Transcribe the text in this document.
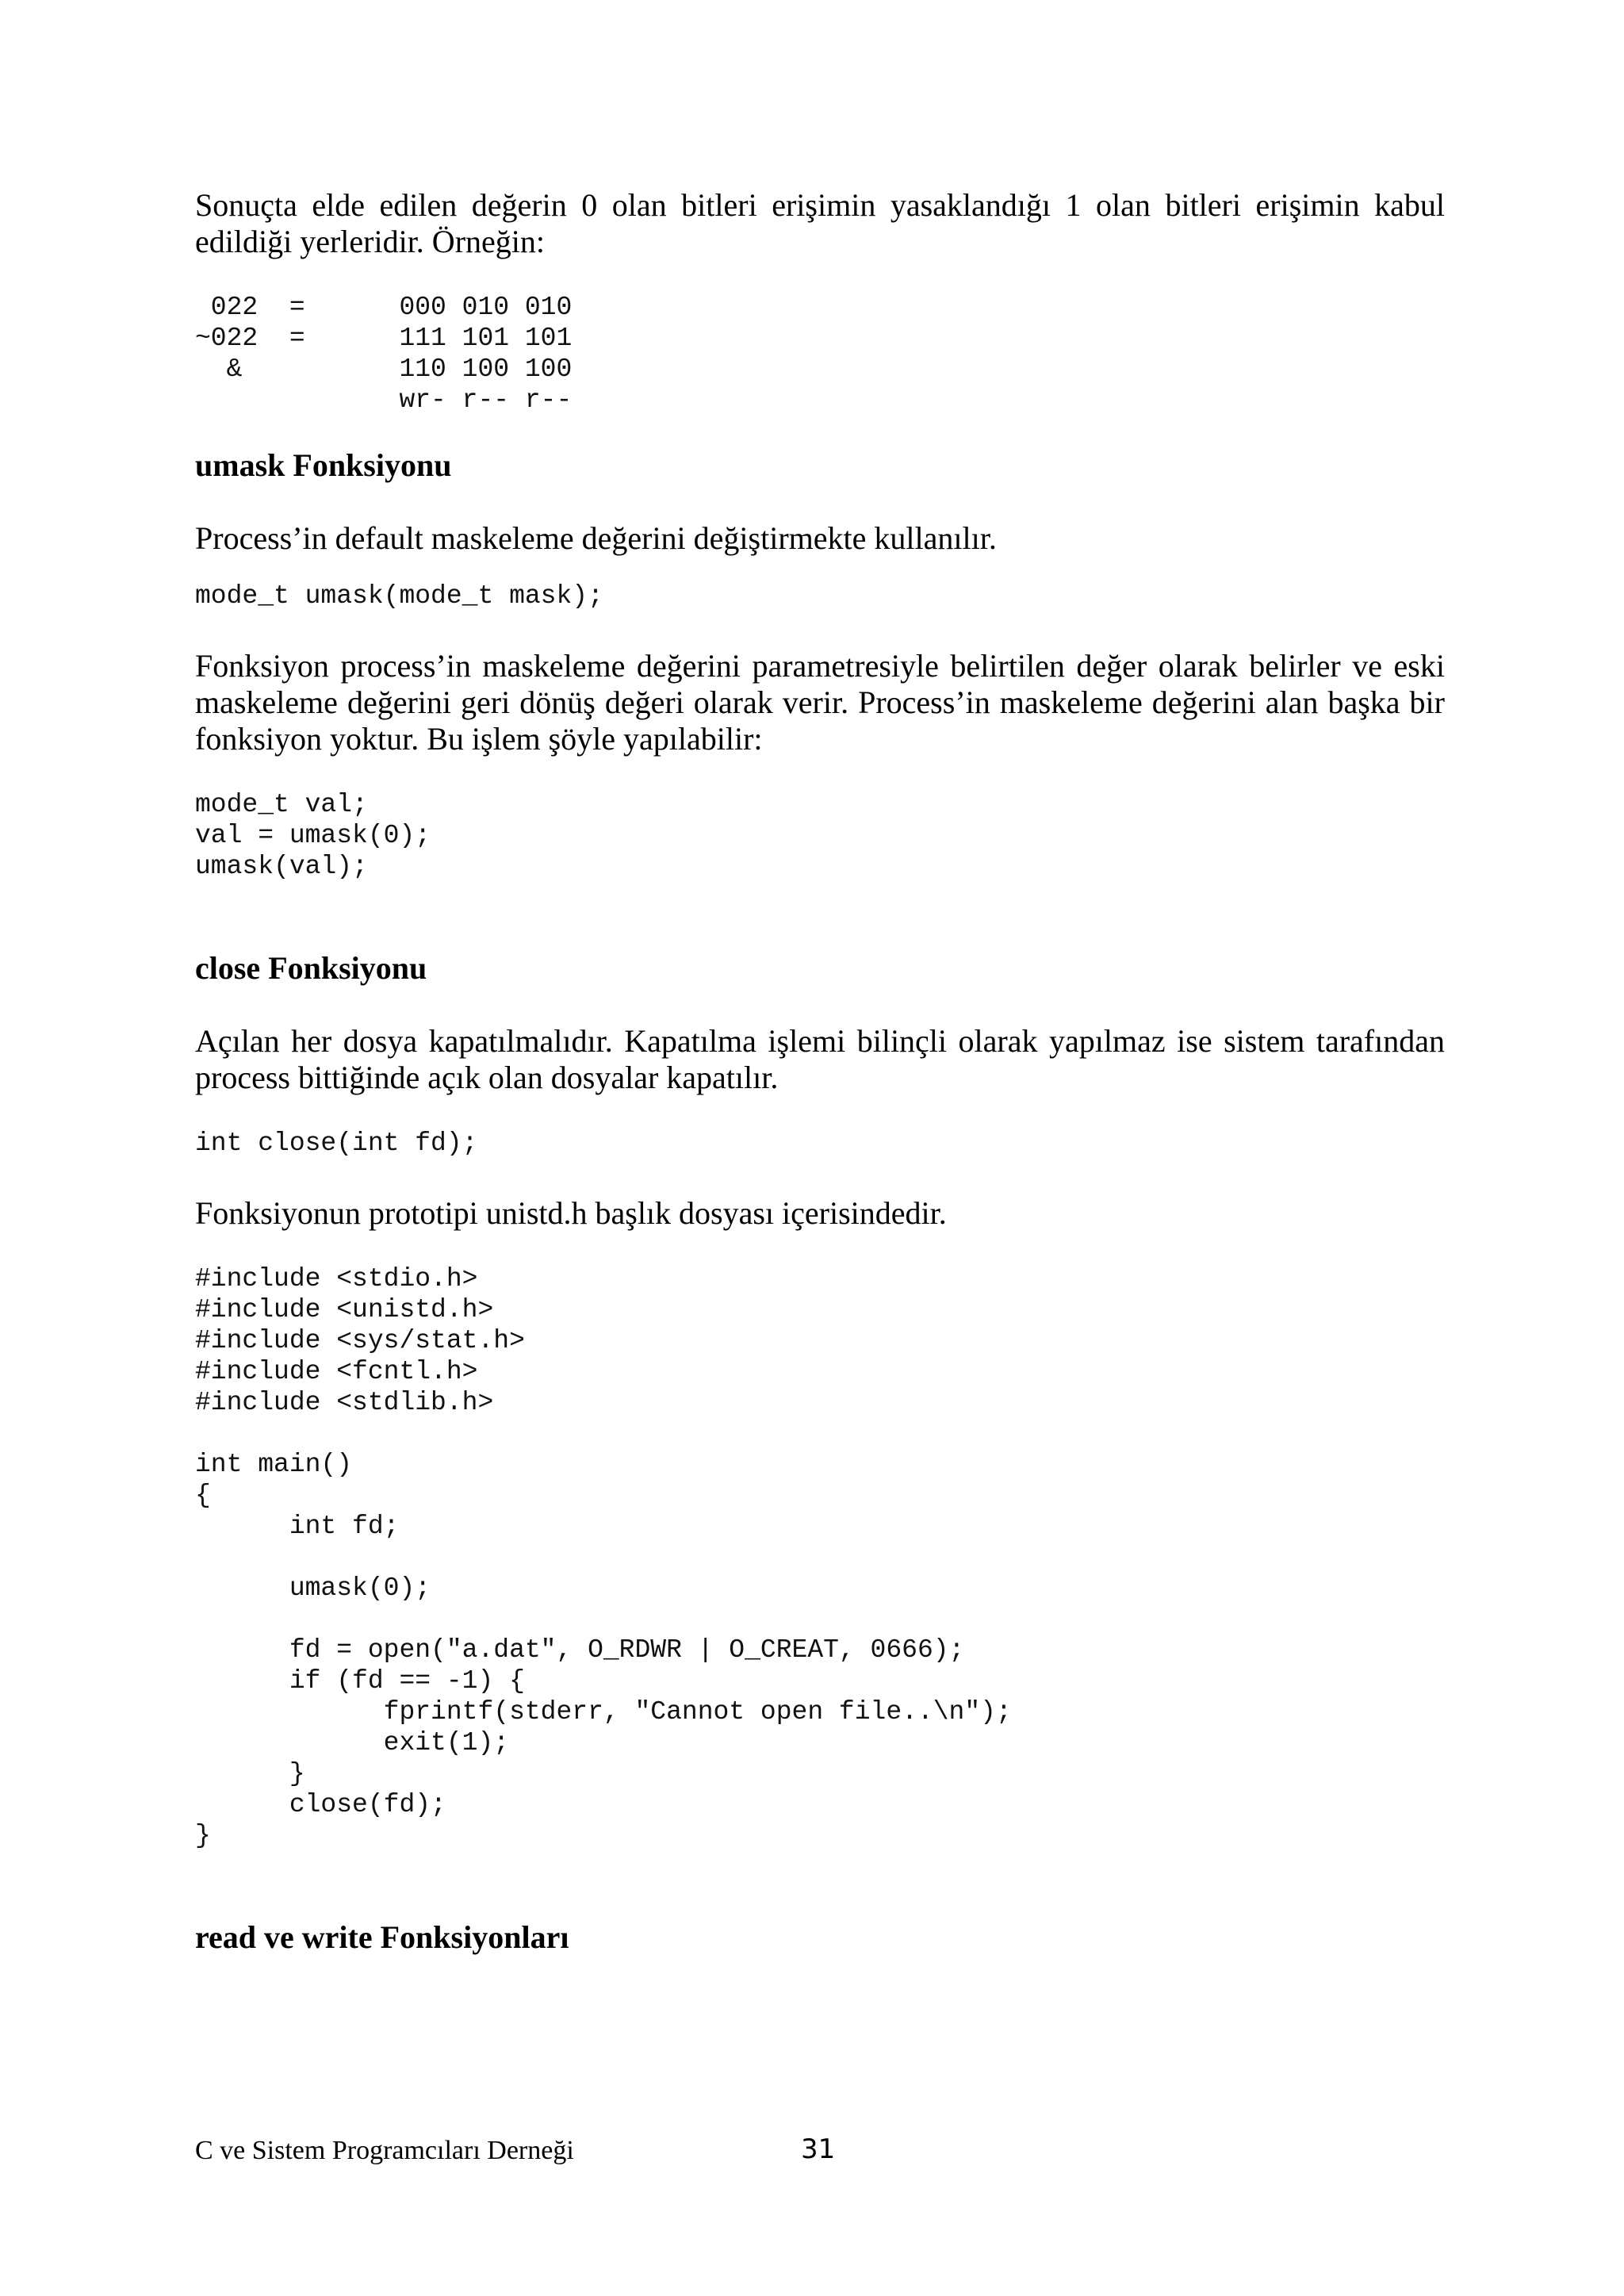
Sonuçta elde edilen değerin 0 olan bitleri erişimin yasaklandığı 1 olan bitleri erişimin kabul edildiği yerleridir. Örneğin:

022  =      000 010 010
~022  =      111 101 101
&          110 100 100
wr- r-- r--
umask Fonksiyonu

Process’in default maskeleme değerini değiştirmekte kullanılır.

mode_t umask(mode_t mask);

Fonksiyon process’in maskeleme değerini parametresiyle belirtilen değer olarak belirler ve eski maskeleme değerini geri dönüş değeri olarak verir. Process’in maskeleme değerini alan başka bir fonksiyon yoktur. Bu işlem şöyle yapılabilir:

mode_t val;
val = umask(0);
umask(val);
close Fonksiyonu

Açılan her dosya kapatılmalıdır. Kapatılma işlemi bilinçli olarak yapılmaz ise sistem tarafından process bittiğinde açık olan dosyalar kapatılır.

int close(int fd);

Fonksiyonun prototipi unistd.h başlık dosyası içerisindedir.

#include <stdio.h>
#include <unistd.h>
#include <sys/stat.h>
#include <fcntl.h>
#include <stdlib.h>

int main()
{
int fd;

umask(0);

fd = open("a.dat", O_RDWR | O_CREAT, 0666);
if (fd == -1) {
fprintf(stderr, "Cannot open file..\n");
exit(1);
}
close(fd);
}
read ve write Fonksiyonları
C ve Sistem Programcıları Derneği	31
